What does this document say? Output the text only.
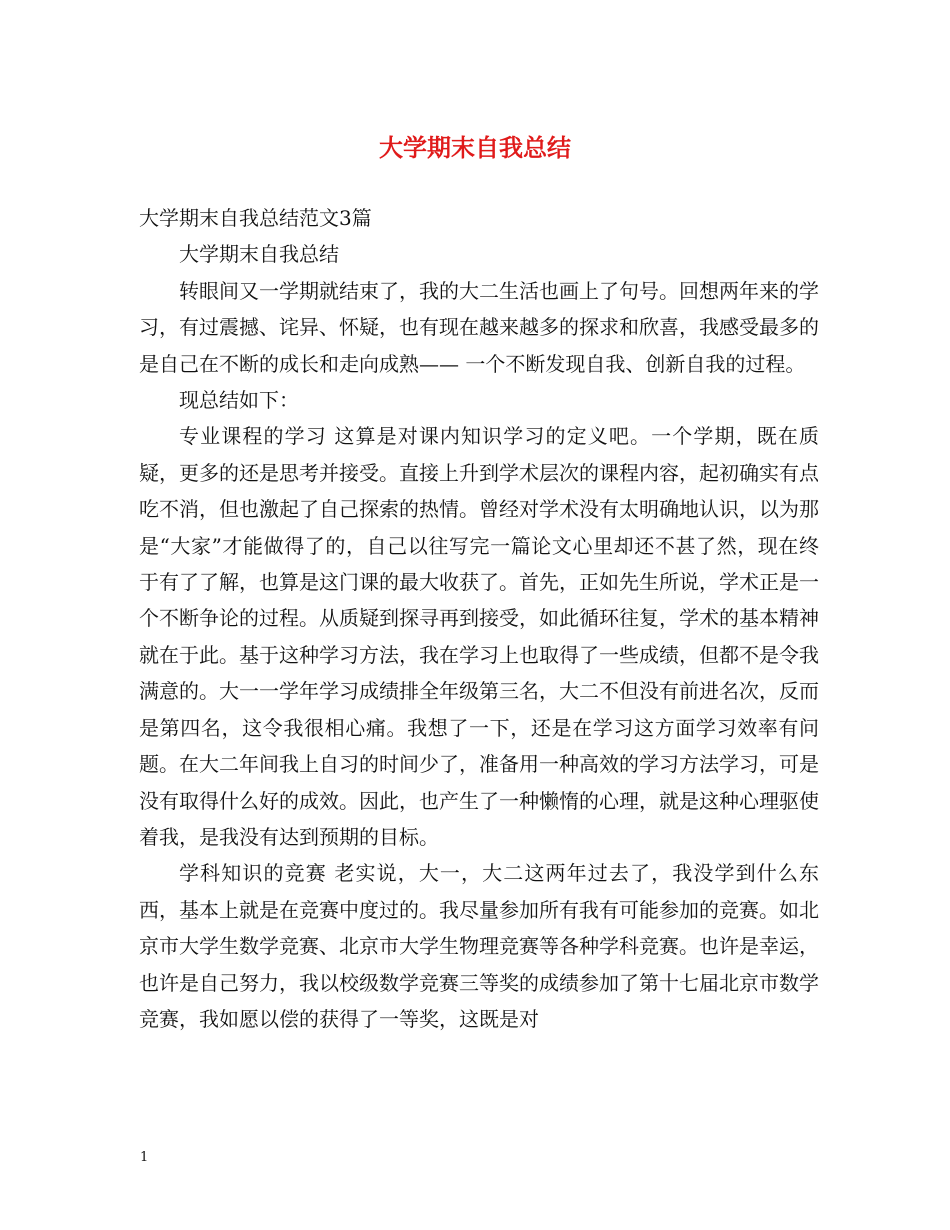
大学期末自我总结

大学期末自我总结范文3篇

大学期末自我总结

转眼间又一学期就结束了，我的大二生活也画上了句号。回想两年来的学习，有过震撼、诧异、怀疑，也有现在越来越多的探求和欣喜，我感受最多的是自己在不断的成长和走向成熟—— 一个不断发现自我、创新自我的过程。

现总结如下：

专业课程的学习 这算是对课内知识学习的定义吧。一个学期，既在质疑，更多的还是思考并接受。直接上升到学术层次的课程内容，起初确实有点吃不消，但也激起了自己探索的热情。曾经对学术没有太明确地认识，以为那是“大家”才能做得了的，自己以往写完一篇论文心里却还不甚了然，现在终于有了了解，也算是这门课的最大收获了。首先，正如先生所说，学术正是一个不断争论的过程。从质疑到探寻再到接受，如此循环往复，学术的基本精神就在于此。基于这种学习方法，我在学习上也取得了一些成绩，但都不是令我满意的。大一一学年学习成绩排全年级第三名，大二不但没有前进名次，反而是第四名，这令我很相心痛。我想了一下，还是在学习这方面学习效率有问题。在大二年间我上自习的时间少了，准备用一种高效的学习方法学习，可是没有取得什么好的成效。因此，也产生了一种懒惰的心理，就是这种心理驱使着我，是我没有达到预期的目标。

学科知识的竞赛 老实说，大一，大二这两年过去了，我没学到什么东西，基本上就是在竞赛中度过的。我尽量参加所有我有可能参加的竞赛。如北京市大学生数学竞赛、北京市大学生物理竞赛等各种学科竞赛。也许是幸运，也许是自己努力，我以校级数学竞赛三等奖的成绩参加了第十七届北京市数学竞赛，我如愿以偿的获得了一等奖，这既是对

1
